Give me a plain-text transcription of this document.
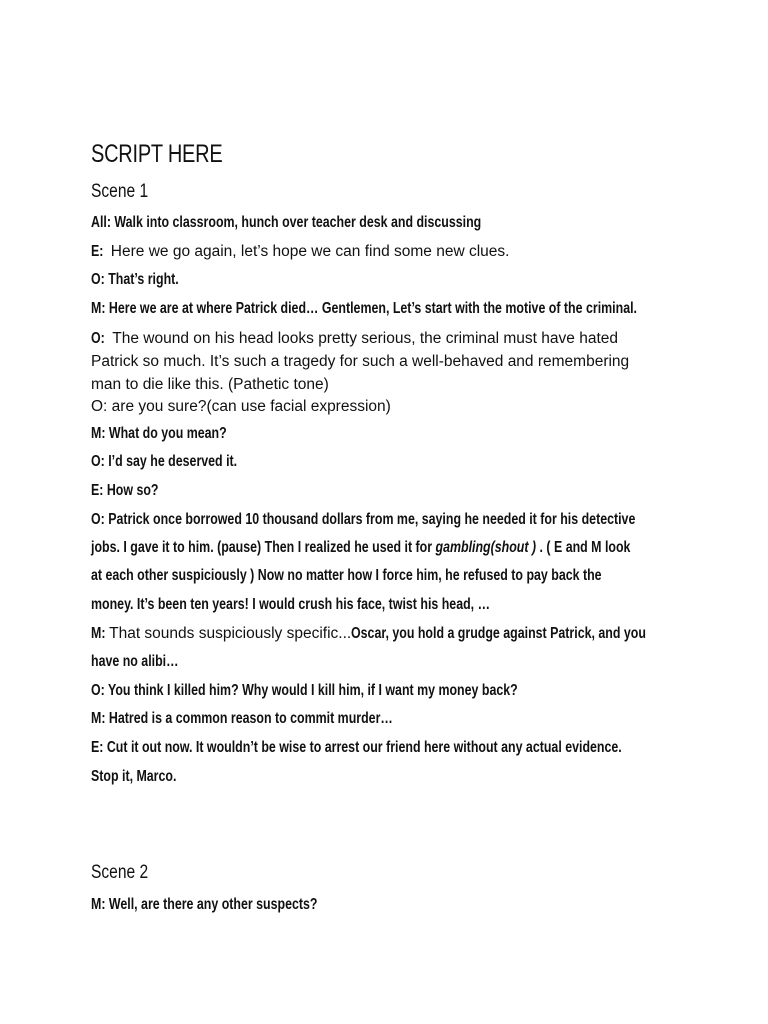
SCRIPT HERE
Scene 1

All: Walk into classroom, hunch over teacher desk and discussing

E: Here we go again, let’s hope we can find some new clues.

O: That’s right.

M: Here we are at where Patrick died… Gentlemen, Let’s start with the motive of the criminal.

O: The wound on his head looks pretty serious, the criminal must have hated

Patrick so much. It’s such a tragedy for such a well-behaved and remembering

man to die like this. (Pathetic tone)

O: are you sure?(can use facial expression)

M: What do you mean?

O: I’d say he deserved it.

E: How so?

O: Patrick once borrowed 10 thousand dollars from me, saying he needed it for his detective

jobs. I gave it to him. (pause) Then I realized he used it for gambling(shout ) . ( E and M look

at each other suspiciously ) Now no matter how I force him, he refused to pay back the

money. It’s been ten years! I would crush his face, twist his head, …

M: That sounds suspiciously specific...Oscar, you hold a grudge against Patrick, and you

have no alibi…

O: You think I killed him? Why would I kill him, if I want my money back?

M: Hatred is a common reason to commit murder…

E: Cut it out now. It wouldn’t be wise to arrest our friend here without any actual evidence.

Stop it, Marco.

Scene 2

M: Well, are there any other suspects?
